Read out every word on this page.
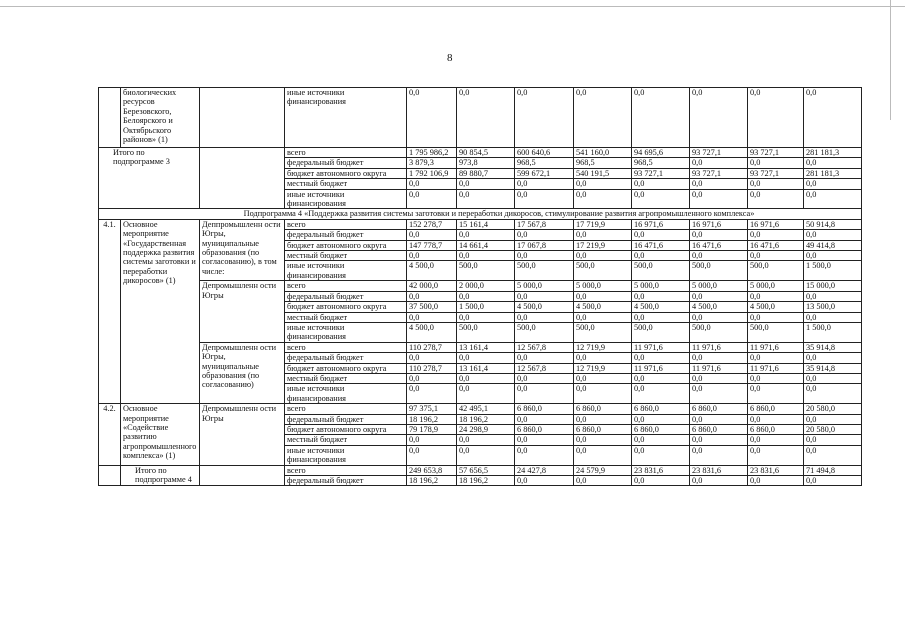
8
	биологических ресурсов Березовского, Белоярского и Октябрьского районов» (1)		иные источники финансирования	0,0	0,0	0,0	0,0	0,0	0,0	0,0	0,0
Итого по подпрограмме 3			всего	1 795 986,2	90 854,5	600 640,6	541 160,0	94 695,6	93 727,1	93 727,1	281 181,3
			федеральный бюджет	3 879,3	973,8	968,5	968,5	968,5	0,0	0,0	0,0
			бюджет автономного округа	1 792 106,9	89 880,7	599 672,1	540 191,5	93 727,1	93 727,1	93 727,1	281 181,3
			местный бюджет	0,0	0,0	0,0	0,0	0,0	0,0	0,0	0,0
			иные источники финансирования	0,0	0,0	0,0	0,0	0,0	0,0	0,0	0,0
Подпрограмма 4 «Поддержка развития системы заготовки и переработки дикоросов, стимулирование развития агропромышленного комплекса»											
4.1.	Основное мероприятие «Государственная поддержка развития системы заготовки и переработки дикоросов» (1)	Деппромышленн ости Югры, муниципальные образования (по согласованию), в том числе:	всего	152 278,7	15 161,4	17 567,8	17 719,9	16 971,6	16 971,6	16 971,6	50 914,8
			федеральный бюджет	0,0	0,0	0,0	0,0	0,0	0,0	0,0	0,0
			бюджет автономного округа	147 778,7	14 661,4	17 067,8	17 219,9	16 471,6	16 471,6	16 471,6	49 414,8
			местный бюджет	0,0	0,0	0,0	0,0	0,0	0,0	0,0	0,0
			иные источники финансирования	4 500,0	500,0	500,0	500,0	500,0	500,0	500,0	1 500,0
		Депромышленн ости Югры	всего	42 000,0	2 000,0	5 000,0	5 000,0	5 000,0	5 000,0	5 000,0	15 000,0
			федеральный бюджет	0,0	0,0	0,0	0,0	0,0	0,0	0,0	0,0
			бюджет автономного округа	37 500,0	1 500,0	4 500,0	4 500,0	4 500,0	4 500,0	4 500,0	13 500,0
			местный бюджет	0,0	0,0	0,0	0,0	0,0	0,0	0,0	0,0
			иные источники финансирования	4 500,0	500,0	500,0	500,0	500,0	500,0	500,0	1 500,0
		Депромышленн ости Югры, муниципальные образования (по согласованию)	всего	110 278,7	13 161,4	12 567,8	12 719,9	11 971,6	11 971,6	11 971,6	35 914,8
			федеральный бюджет	0,0	0,0	0,0	0,0	0,0	0,0	0,0	0,0
			бюджет автономного округа	110 278,7	13 161,4	12 567,8	12 719,9	11 971,6	11 971,6	11 971,6	35 914,8
			местный бюджет	0,0	0,0	0,0	0,0	0,0	0,0	0,0	0,0
			иные источники финансирования	0,0	0,0	0,0	0,0	0,0	0,0	0,0	0,0
4.2.	Основное мероприятие «Содействие развитию агропромышленного комплекса» (1)	Депромышленн ости Югры	всего	97 375,1	42 495,1	6 860,0	6 860,0	6 860,0	6 860,0	6 860,0	20 580,0
			федеральный бюджет	18 196,2	18 196,2	0,0	0,0	0,0	0,0	0,0	0,0
			бюджет автономного округа	79 178,9	24 298,9	6 860,0	6 860,0	6 860,0	6 860,0	6 860,0	20 580,0
			местный бюджет	0,0	0,0	0,0	0,0	0,0	0,0	0,0	0,0
			иные источники финансирования	0,0	0,0	0,0	0,0	0,0	0,0	0,0	0,0
	Итого по подпрограмме 4		всего	249 653,8	57 656,5	24 427,8	24 579,9	23 831,6	23 831,6	23 831,6	71 494,8
			федеральный бюджет	18 196,2	18 196,2	0,0	0,0	0,0	0,0	0,0	0,0
